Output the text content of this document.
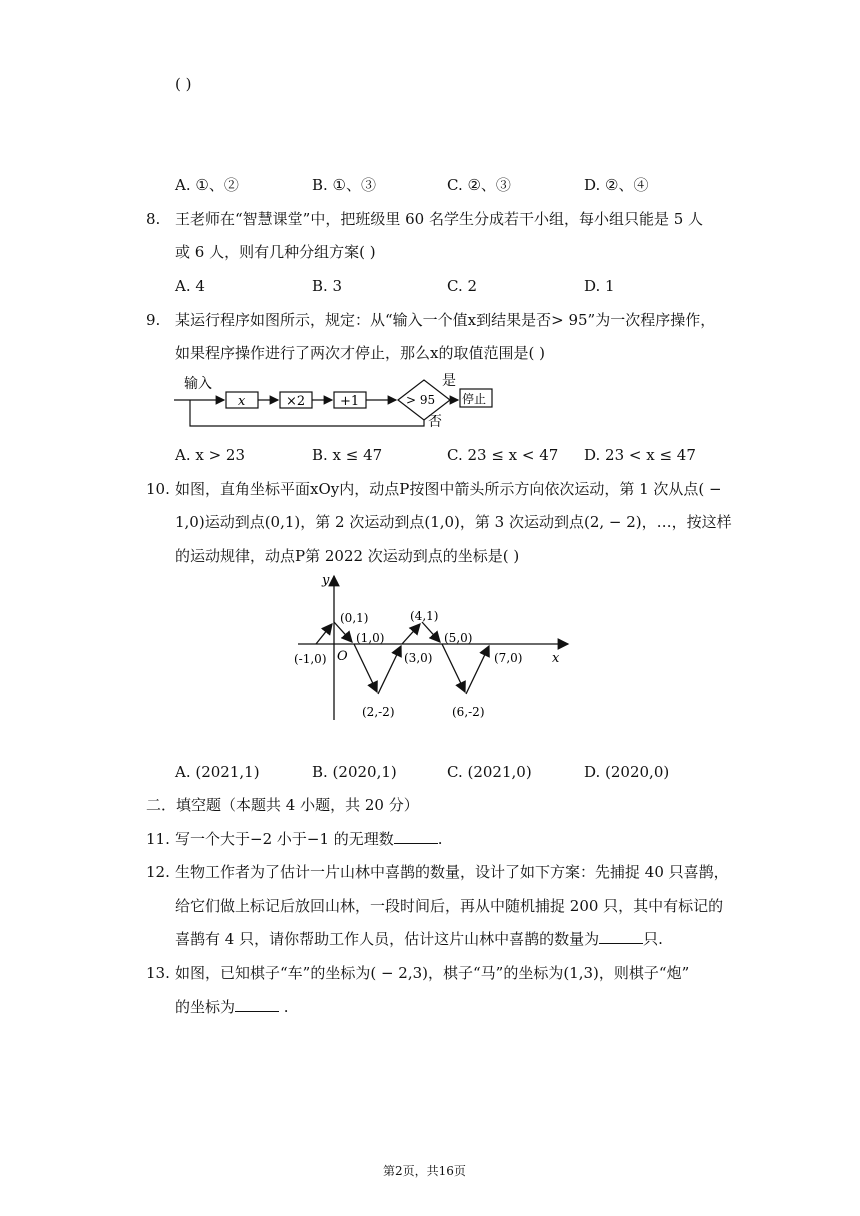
( )
A. ①、②	B. ①、③	C. ②、③	D. ②、④
8. 王老师在“智慧课堂”中，把班级里 60 名学生分成若干小组，每小组只能是 5 人
或 6 人，则有几种分组方案( )
A. 4	B. 3	C. 2	D. 1
9. 某运行程序如图所示，规定：从“输入一个值x到结果是否> 95”为一次程序操作，
如果程序操作进行了两次才停止，那么x的取值范围是( )
输入
x	×2	+1	> 95
是
停止
否
A. x > 23	B. x ≤ 47	C. 23 ≤ x < 47 D. 23 < x ≤ 47
10. 如图，直角坐标平面xOy内，动点P按图中箭头所示方向依次运动，第 1 次从点( −
1,0)运动到点(0,1)，第 2 次运动到点(1,0)，第 3 次运动到点(2, − 2)，…，按这样
的运动规律，动点P第 2022 次运动到点的坐标是( )
y
x
O
(-1,0)
(0,1)
(1,0)
(2,-2)
(3,0)
(4,1)
(5,0)
(6,-2)
(7,0)
A. (2021,1)	B. (2020,1)	C. (2021,0)	D. (2020,0)
二．填空题（本题共 4 小题，共 20 分）
11. 写一个大于−2 小于−1 的无理数	.
12. 生物工作者为了估计一片山林中喜鹊的数量，设计了如下方案：先捕捉 40 只喜鹊，
给它们做上标记后放回山林，一段时间后，再从中随机捕捉 200 只，其中有标记的
喜鹊有 4 只，请你帮助工作人员，估计这片山林中喜鹊的数量为	只.
13. 如图，已知棋子“车”的坐标为( − 2,3)，棋子“马”的坐标为(1,3)，则棋子“炮”
的坐标为	.
第2页，共16页
